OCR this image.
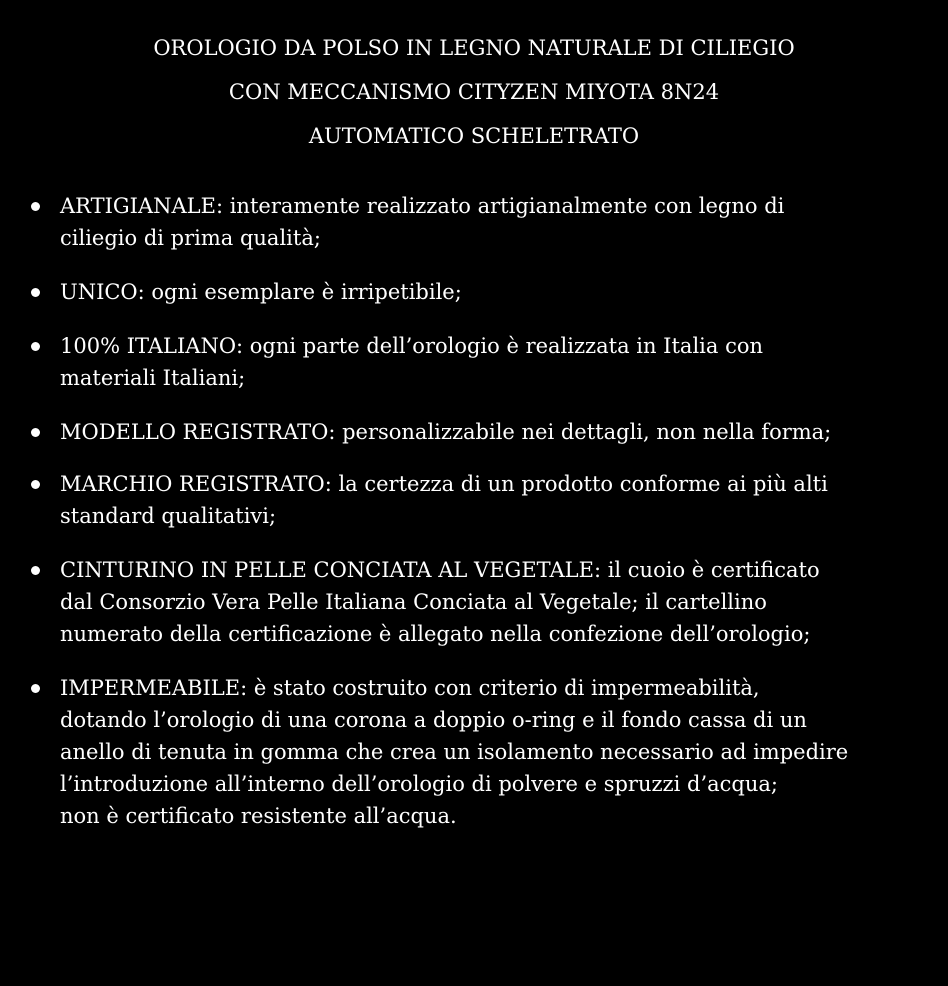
OROLOGIO DA POLSO IN LEGNO NATURALE DI CILIEGIO
CON MECCANISMO CITYZEN MIYOTA 8N24
AUTOMATICO SCHELETRATO
ARTIGIANALE: interamente realizzato artigianalmente con legno di
ciliegio di prima qualità;
UNICO: ogni esemplare è irripetibile;
100% ITALIANO: ogni parte dell’orologio è realizzata in Italia con
materiali Italiani;
MODELLO REGISTRATO: personalizzabile nei dettagli, non nella forma;
MARCHIO REGISTRATO: la certezza di un prodotto conforme ai più alti
standard qualitativi;
CINTURINO IN PELLE CONCIATA AL VEGETALE: il cuoio è certificato
dal Consorzio Vera Pelle Italiana Conciata al Vegetale; il cartellino
numerato della certificazione è allegato nella confezione dell’orologio;
IMPERMEABILE: è stato costruito con criterio di impermeabilità,
dotando l’orologio di una corona a doppio o-ring e il fondo cassa di un
anello di tenuta in gomma che crea un isolamento necessario ad impedire
l’introduzione all’interno dell’orologio di polvere e spruzzi d’acqua;
non è certificato resistente all’acqua.
